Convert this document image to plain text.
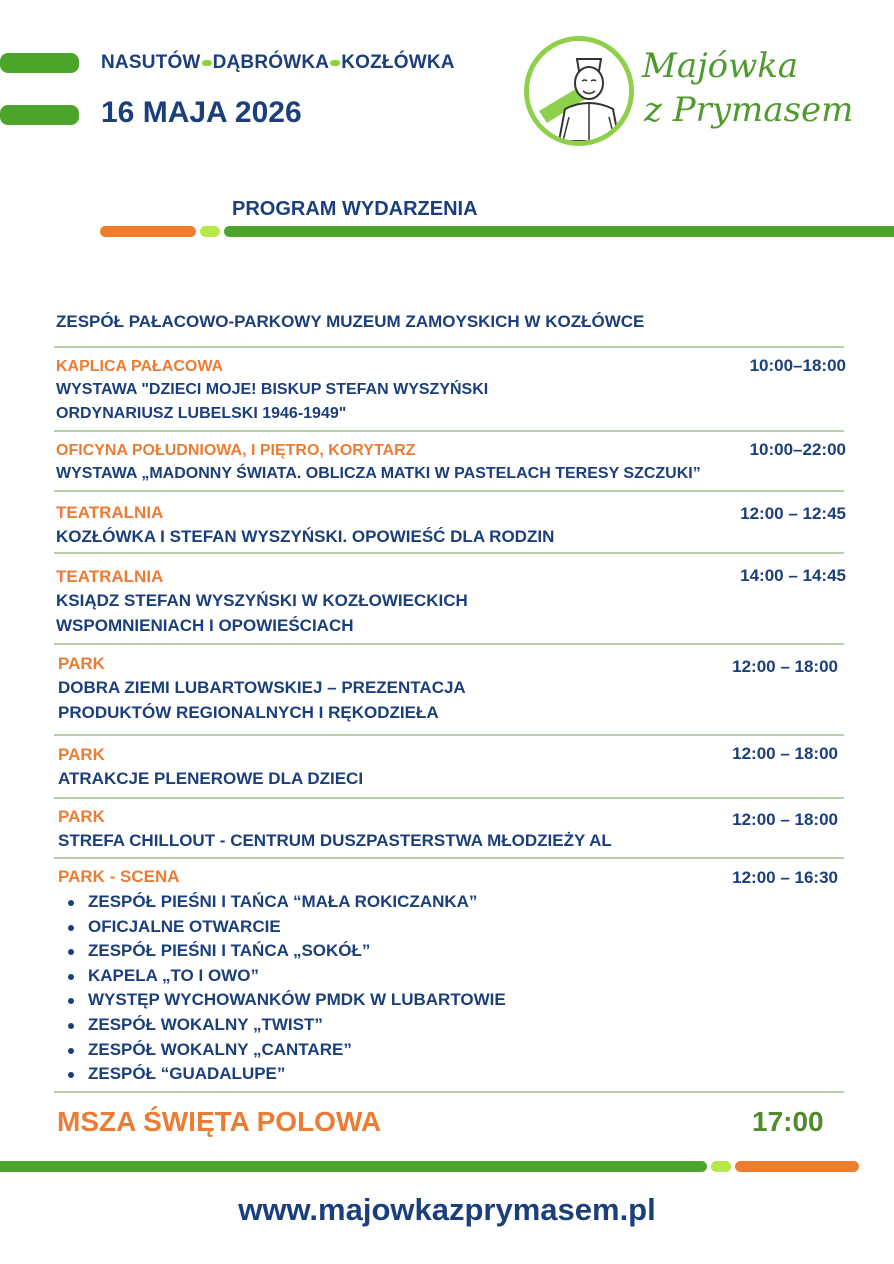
NASUTÓW DĄBRÓWKA KOZŁÓWKA
16 MAJA 2026
Majówka
z Prymasem
PROGRAM WYDARZENIA
ZESPÓŁ PAŁACOWO-PARKOWY MUZEUM ZAMOYSKICH W KOZŁÓWCE
KAPLICA PAŁACOWA
WYSTAWA "DZIECI MOJE! BISKUP STEFAN WYSZYŃSKI
ORDYNARIUSZ LUBELSKI 1946-1949"
10:00–18:00
OFICYNA POŁUDNIOWA, I PIĘTRO, KORYTARZ
WYSTAWA „MADONNY ŚWIATA. OBLICZA MATKI W PASTELACH TERESY SZCZUKI”
10:00–22:00
TEATRALNIA
KOZŁÓWKA I STEFAN WYSZYŃSKI. OPOWIEŚĆ DLA RODZIN
12:00 – 12:45
TEATRALNIA
KSIĄDZ STEFAN WYSZYŃSKI W KOZŁOWIECKICH
WSPOMNIENIACH I OPOWIEŚCIACH
14:00 – 14:45
PARK
DOBRA ZIEMI LUBARTOWSKIEJ – PREZENTACJA
PRODUKTÓW REGIONALNYCH I RĘKODZIEŁA
12:00 – 18:00
PARK
ATRAKCJE PLENEROWE DLA DZIECI
12:00 – 18:00
PARK
STREFA CHILLOUT - CENTRUM DUSZPASTERSTWA MŁODZIEŻY AL
12:00 – 18:00
PARK - SCENA
ZESPÓŁ PIEŚNI I TAŃCA “MAŁA ROKICZANKA”
OFICJALNE OTWARCIE
ZESPÓŁ PIEŚNI I TAŃCA „SOKÓŁ”
KAPELA „TO I OWO”
WYSTĘP WYCHOWANKÓW PMDK W LUBARTOWIE
ZESPÓŁ WOKALNY „TWIST”
ZESPÓŁ WOKALNY „CANTARE”
ZESPÓŁ “GUADALUPE”
12:00 – 16:30
MSZA ŚWIĘTA POLOWA	17:00
www.majowkazprymasem.pl
